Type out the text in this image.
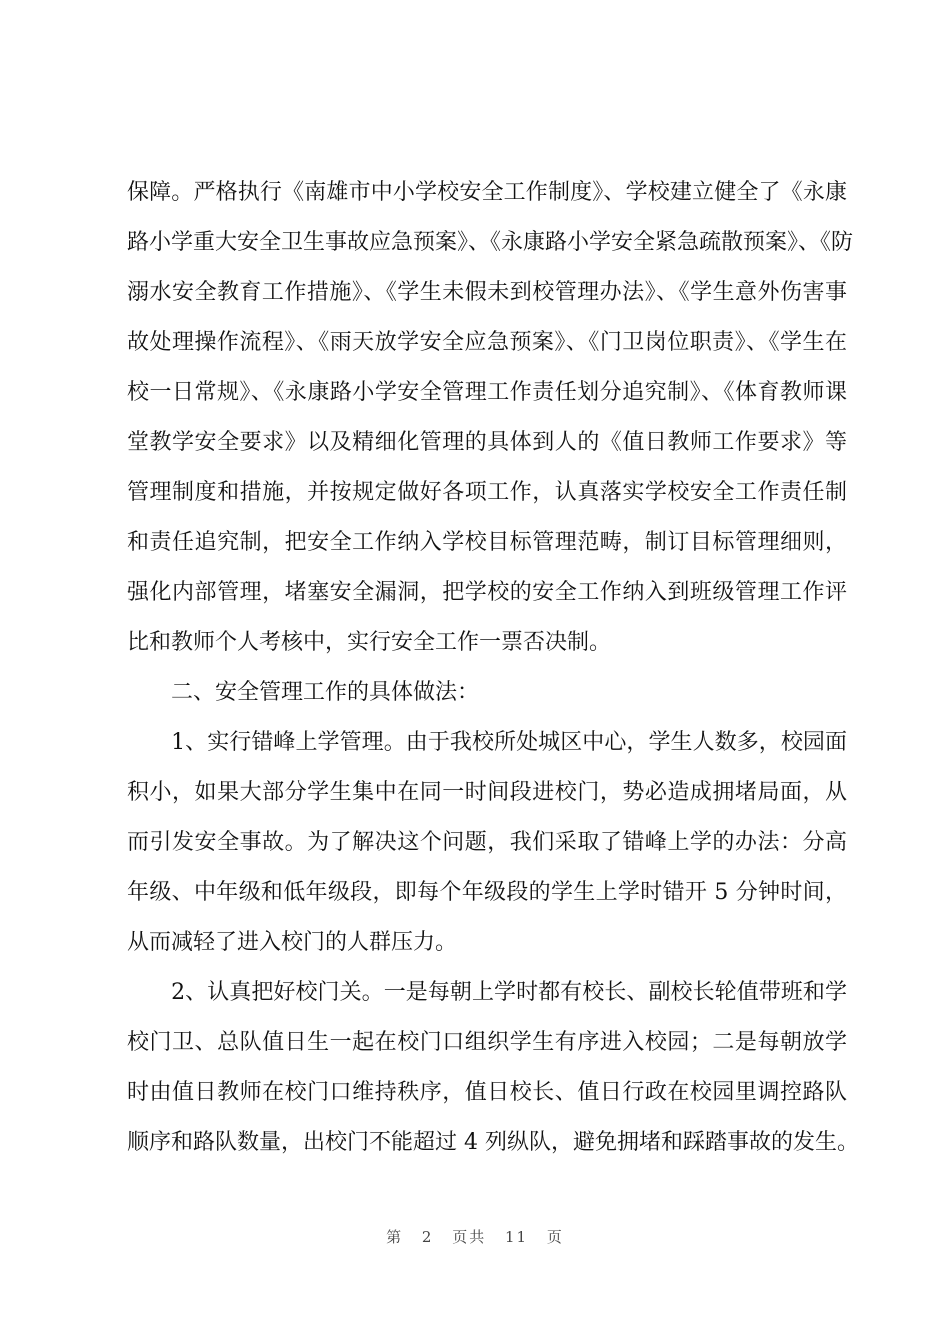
保障。严格执行《南雄市中小学校安全工作制度》、学校建立健全了《永康
路小学重大安全卫生事故应急预案》、《永康路小学安全紧急疏散预案》、《防
溺水安全教育工作措施》、《学生未假未到校管理办法》、《学生意外伤害事
故处理操作流程》、《雨天放学安全应急预案》、《门卫岗位职责》、《学生在
校一日常规》、《永康路小学安全管理工作责任划分追究制》、《体育教师课
堂教学安全要求》以及精细化管理的具体到人的《值日教师工作要求》等
管理制度和措施，并按规定做好各项工作，认真落实学校安全工作责任制
和责任追究制，把安全工作纳入学校目标管理范畴，制订目标管理细则，
强化内部管理，堵塞安全漏洞，把学校的安全工作纳入到班级管理工作评
比和教师个人考核中，实行安全工作一票否决制。
　　二、安全管理工作的具体做法：
　　1、实行错峰上学管理。由于我校所处城区中心，学生人数多，校园面
积小，如果大部分学生集中在同一时间段进校门，势必造成拥堵局面，从
而引发安全事故。为了解决这个问题，我们采取了错峰上学的办法：分高
年级、中年级和低年级段，即每个年级段的学生上学时错开 5 分钟时间，
从而减轻了进入校门的人群压力。
　　2、认真把好校门关。一是每朝上学时都有校长、副校长轮值带班和学
校门卫、总队值日生一起在校门口组织学生有序进入校园；二是每朝放学
时由值日教师在校门口维持秩序，值日校长、值日行政在校园里调控路队
顺序和路队数量，出校门不能超过 4 列纵队，避免拥堵和踩踏事故的发生。
第 2 页共 11 页
